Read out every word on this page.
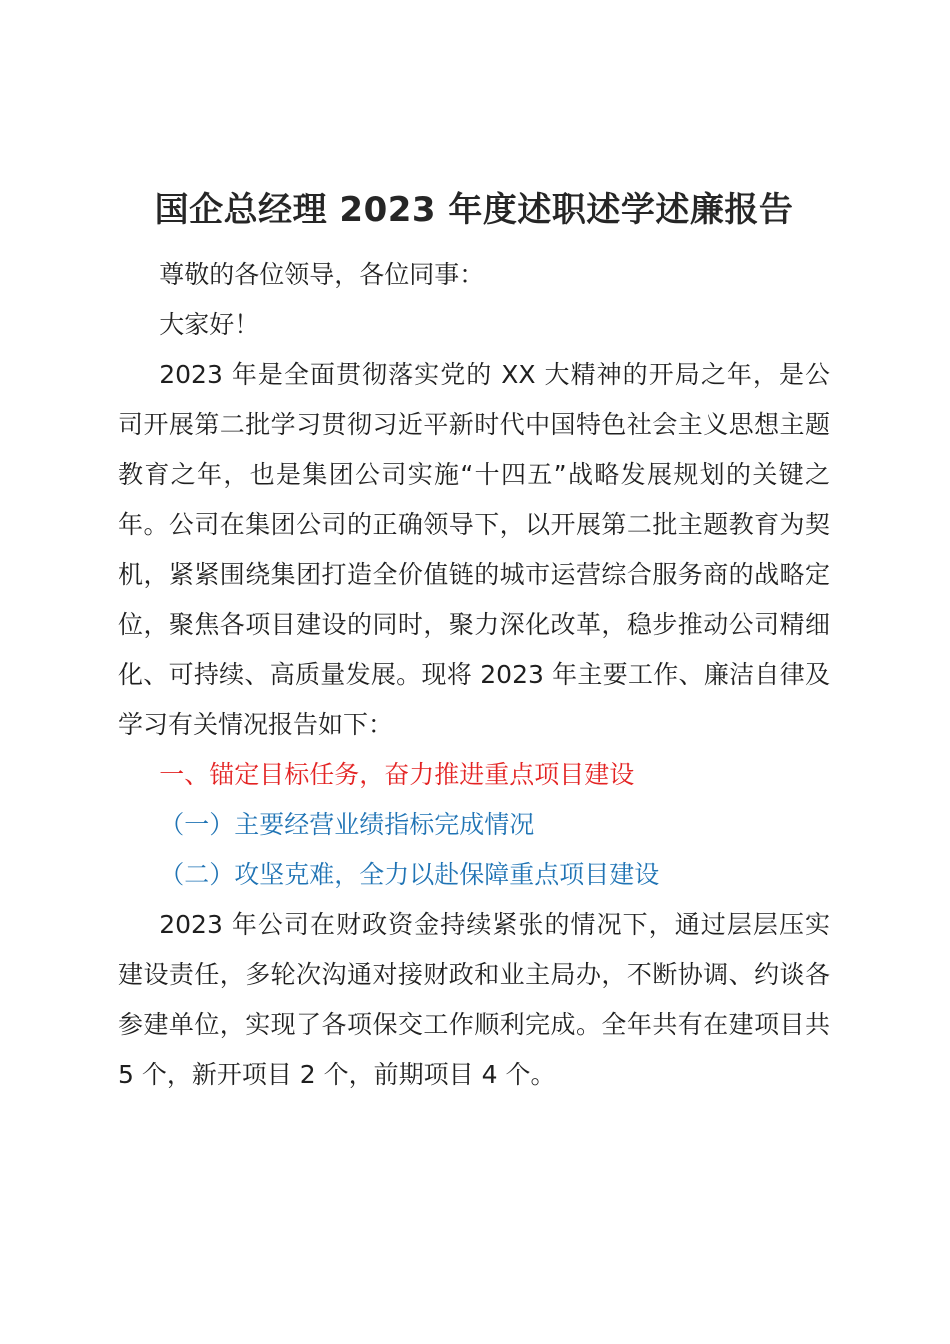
国企总经理 2023 年度述职述学述廉报告

尊敬的各位领导，各位同事：

大家好！

2023 年是全面贯彻落实党的 XX 大精神的开局之年，是公司开展第二批学习贯彻习近平新时代中国特色社会主义思想主题教育之年，也是集团公司实施“十四五”战略发展规划的关键之年。公司在集团公司的正确领导下，以开展第二批主题教育为契机，紧紧围绕集团打造全价值链的城市运营综合服务商的战略定位，聚焦各项目建设的同时，聚力深化改革，稳步推动公司精细化、可持续、高质量发展。现将 2023 年主要工作、廉洁自律及学习有关情况报告如下：

一、锚定目标任务，奋力推进重点项目建设

（一）主要经营业绩指标完成情况

（二）攻坚克难，全力以赴保障重点项目建设

2023 年公司在财政资金持续紧张的情况下，通过层层压实建设责任，多轮次沟通对接财政和业主局办，不断协调、约谈各参建单位，实现了各项保交工作顺利完成。全年共有在建项目共 5 个，新开项目 2 个，前期项目 4 个。
